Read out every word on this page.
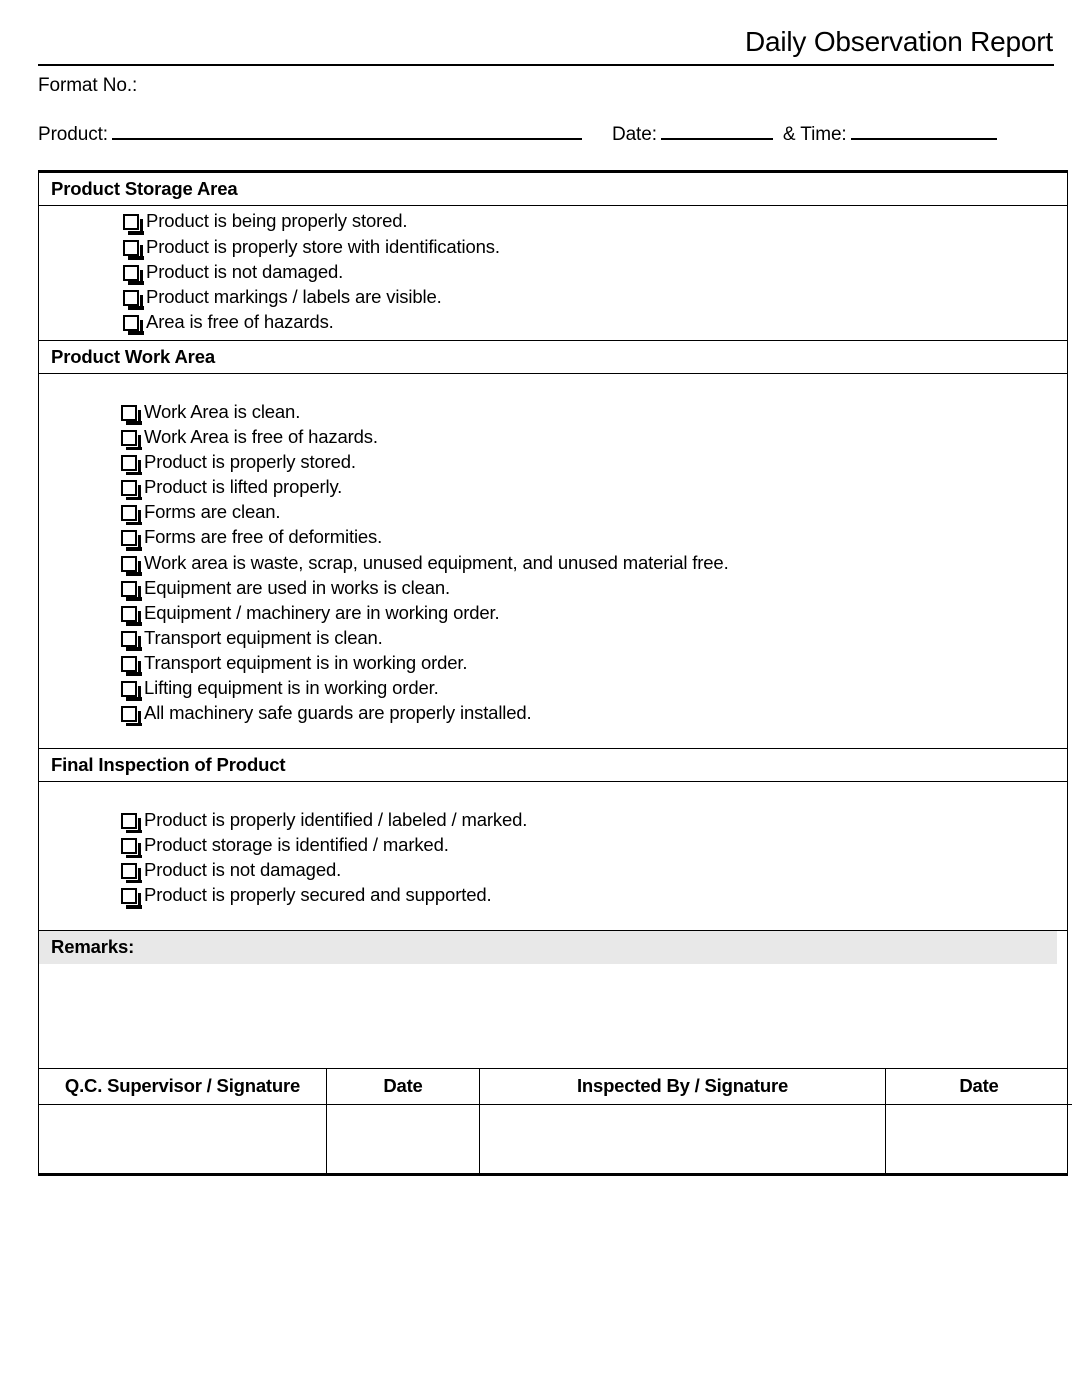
Daily Observation Report
Format No.:
Product:	Date:	& Time:
Product Storage Area
Product is being properly stored.
Product is properly store with identifications.
Product is not damaged.
Product markings / labels are visible.
Area is free of hazards.
Product Work Area
Work Area is clean.
Work Area is free of hazards.
Product is properly stored.
Product is lifted properly.
Forms are clean.
Forms are free of deformities.
Work area is waste, scrap, unused equipment, and unused material free.
Equipment are used in works is clean.
Equipment / machinery are in working order.
Transport equipment is clean.
Transport equipment is in working order.
Lifting equipment is in working order.
All machinery safe guards are properly installed.
Final Inspection of Product
Product is properly identified / labeled / marked.
Product storage is identified / marked.
Product is not damaged.
Product is properly secured and supported.
Remarks:
Q.C. Supervisor / Signature	Date	Inspected By / Signature	Date
